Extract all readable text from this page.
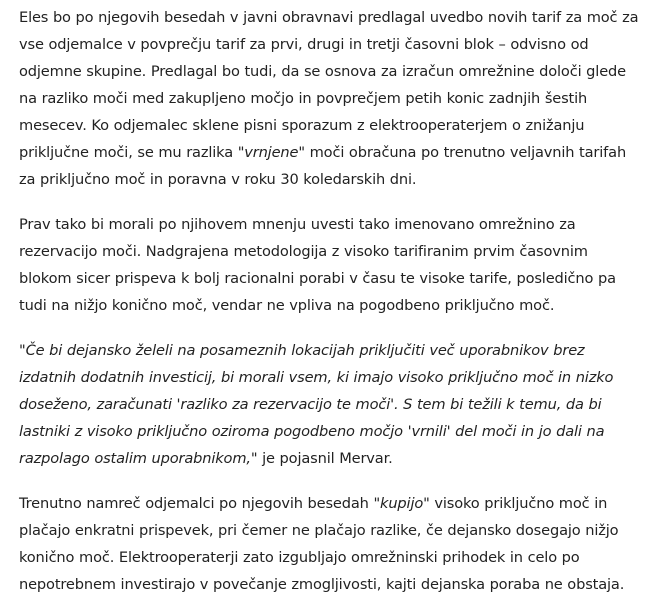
Eles bo po njegovih besedah v javni obravnavi predlagal uvedbo novih tarif za moč za vse odjemalce v povprečju tarif za prvi, drugi in tretji časovni blok – odvisno od odjemne skupine. Predlagal bo tudi, da se osnova za izračun omrežnine določi glede na razliko moči med zakupljeno močjo in povprečjem petih konic zadnjih šestih mesecev. Ko odjemalec sklene pisni sporazum z elektrooperaterjem o znižanju priključne moči, se mu razlika "vrnjene" moči obračuna po trenutno veljavnih tarifah za priključno moč in poravna v roku 30 koledarskih dni.

Prav tako bi morali po njihovem mnenju uvesti tako imenovano omrežnino za rezervacijo moči. Nadgrajena metodologija z visoko tarifiranim prvim časovnim blokom sicer prispeva k bolj racionalni porabi v času te visoke tarife, posledično pa tudi na nižjo konično moč, vendar ne vpliva na pogodbeno priključno moč.

"Če bi dejansko želeli na posameznih lokacijah priključiti več uporabnikov brez izdatnih dodatnih investicij, bi morali vsem, ki imajo visoko priključno moč in nizko doseženo, zaračunati 'razliko za rezervacijo te moči'. S tem bi težili k temu, da bi lastniki z visoko priključno oziroma pogodbeno močjo 'vrnili' del moči in jo dali na razpolago ostalim uporabnikom," je pojasnil Mervar.

Trenutno namreč odjemalci po njegovih besedah "kupijo" visoko priključno moč in plačajo enkratni prispevek, pri čemer ne plačajo razlike, če dejansko dosegajo nižjo konično moč. Elektrooperaterji zato izgubljajo omrežninski prihodek in celo po nepotrebnem investirajo v povečanje zmogljivosti, kajti dejanska poraba ne obstaja.
